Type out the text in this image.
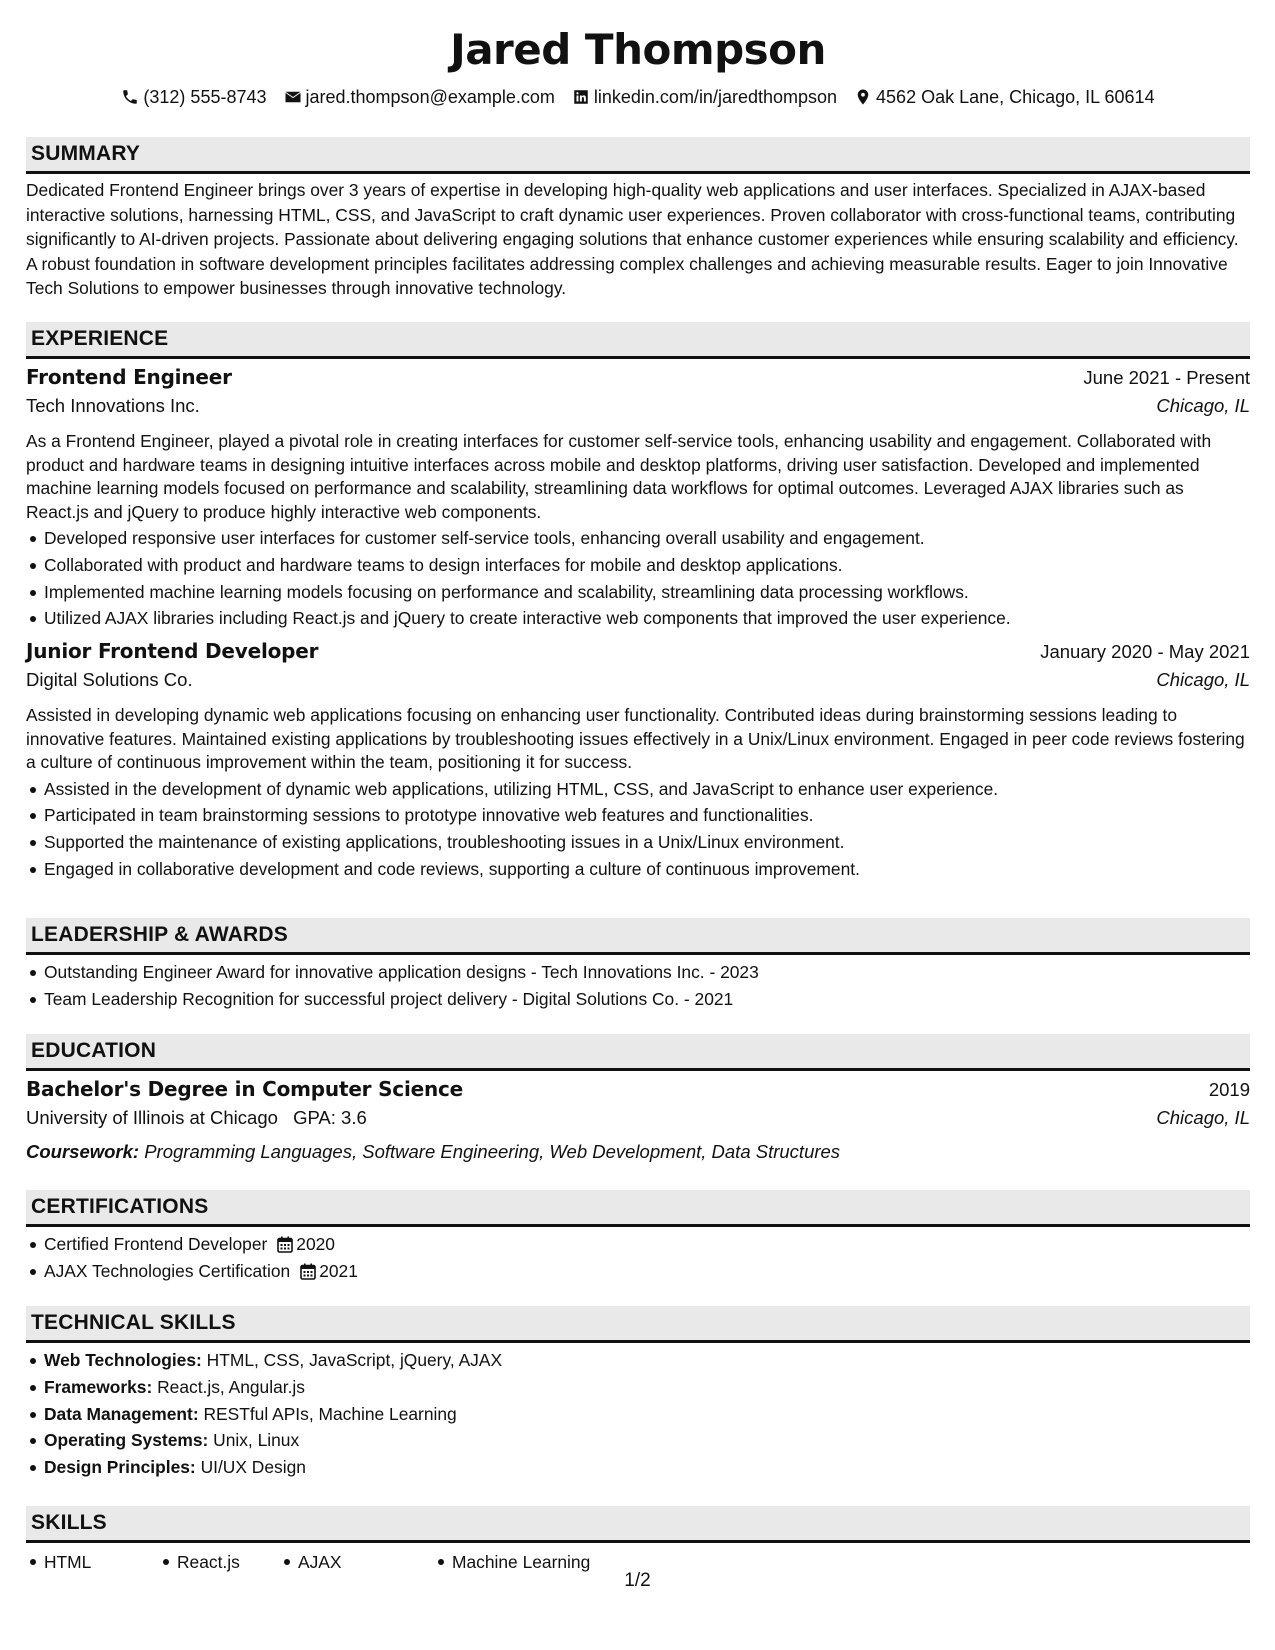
Jared Thompson
(312) 555-8743 jared.thompson@example.com linkedin.com/in/jaredthompson 4562 Oak Lane, Chicago, IL 60614
SUMMARY

Dedicated Frontend Engineer brings over 3 years of expertise in developing high-quality web applications and user interfaces. Specialized in AJAX-based interactive solutions, harnessing HTML, CSS, and JavaScript to craft dynamic user experiences. Proven collaborator with cross-functional teams, contributing significantly to AI-driven projects. Passionate about delivering engaging solutions that enhance customer experiences while ensuring scalability and efficiency. A robust foundation in software development principles facilitates addressing complex challenges and achieving measurable results. Eager to join Innovative Tech Solutions to empower businesses through innovative technology.

EXPERIENCE
Frontend Engineer	June 2021 - Present
Tech Innovations Inc.	Chicago, IL

As a Frontend Engineer, played a pivotal role in creating interfaces for customer self-service tools, enhancing usability and engagement. Collaborated with product and hardware teams in designing intuitive interfaces across mobile and desktop platforms, driving user satisfaction. Developed and implemented machine learning models focused on performance and scalability, streamlining data workflows for optimal outcomes. Leveraged AJAX libraries such as React.js and jQuery to produce highly interactive web components.

Developed responsive user interfaces for customer self-service tools, enhancing overall usability and engagement.
Collaborated with product and hardware teams to design interfaces for mobile and desktop applications.
Implemented machine learning models focusing on performance and scalability, streamlining data processing workflows.
Utilized AJAX libraries including React.js and jQuery to create interactive web components that improved the user experience.
Junior Frontend Developer	January 2020 - May 2021
Digital Solutions Co.	Chicago, IL

Assisted in developing dynamic web applications focusing on enhancing user functionality. Contributed ideas during brainstorming sessions leading to innovative features. Maintained existing applications by troubleshooting issues effectively in a Unix/Linux environment. Engaged in peer code reviews fostering a culture of continuous improvement within the team, positioning it for success.

Assisted in the development of dynamic web applications, utilizing HTML, CSS, and JavaScript to enhance user experience.
Participated in team brainstorming sessions to prototype innovative web features and functionalities.
Supported the maintenance of existing applications, troubleshooting issues in a Unix/Linux environment.
Engaged in collaborative development and code reviews, supporting a culture of continuous improvement.
LEADERSHIP & AWARDS
Outstanding Engineer Award for innovative application designs - Tech Innovations Inc. - 2023
Team Leadership Recognition for successful project delivery - Digital Solutions Co. - 2021
EDUCATION
Bachelor's Degree in Computer Science	2019
University of Illinois at Chicago GPA: 3.6	Chicago, IL
Coursework: Programming Languages, Software Engineering, Web Development, Data Structures
CERTIFICATIONS
Certified Frontend Developer 2020
AJAX Technologies Certification 2021
TECHNICAL SKILLS
Web Technologies: HTML, CSS, JavaScript, jQuery, AJAX
Frameworks: React.js, Angular.js
Data Management: RESTful APIs, Machine Learning
Operating Systems: Unix, Linux
Design Principles: UI/UX Design
SKILLS
HTML	React.js	AJAX	Machine Learning
1/2
